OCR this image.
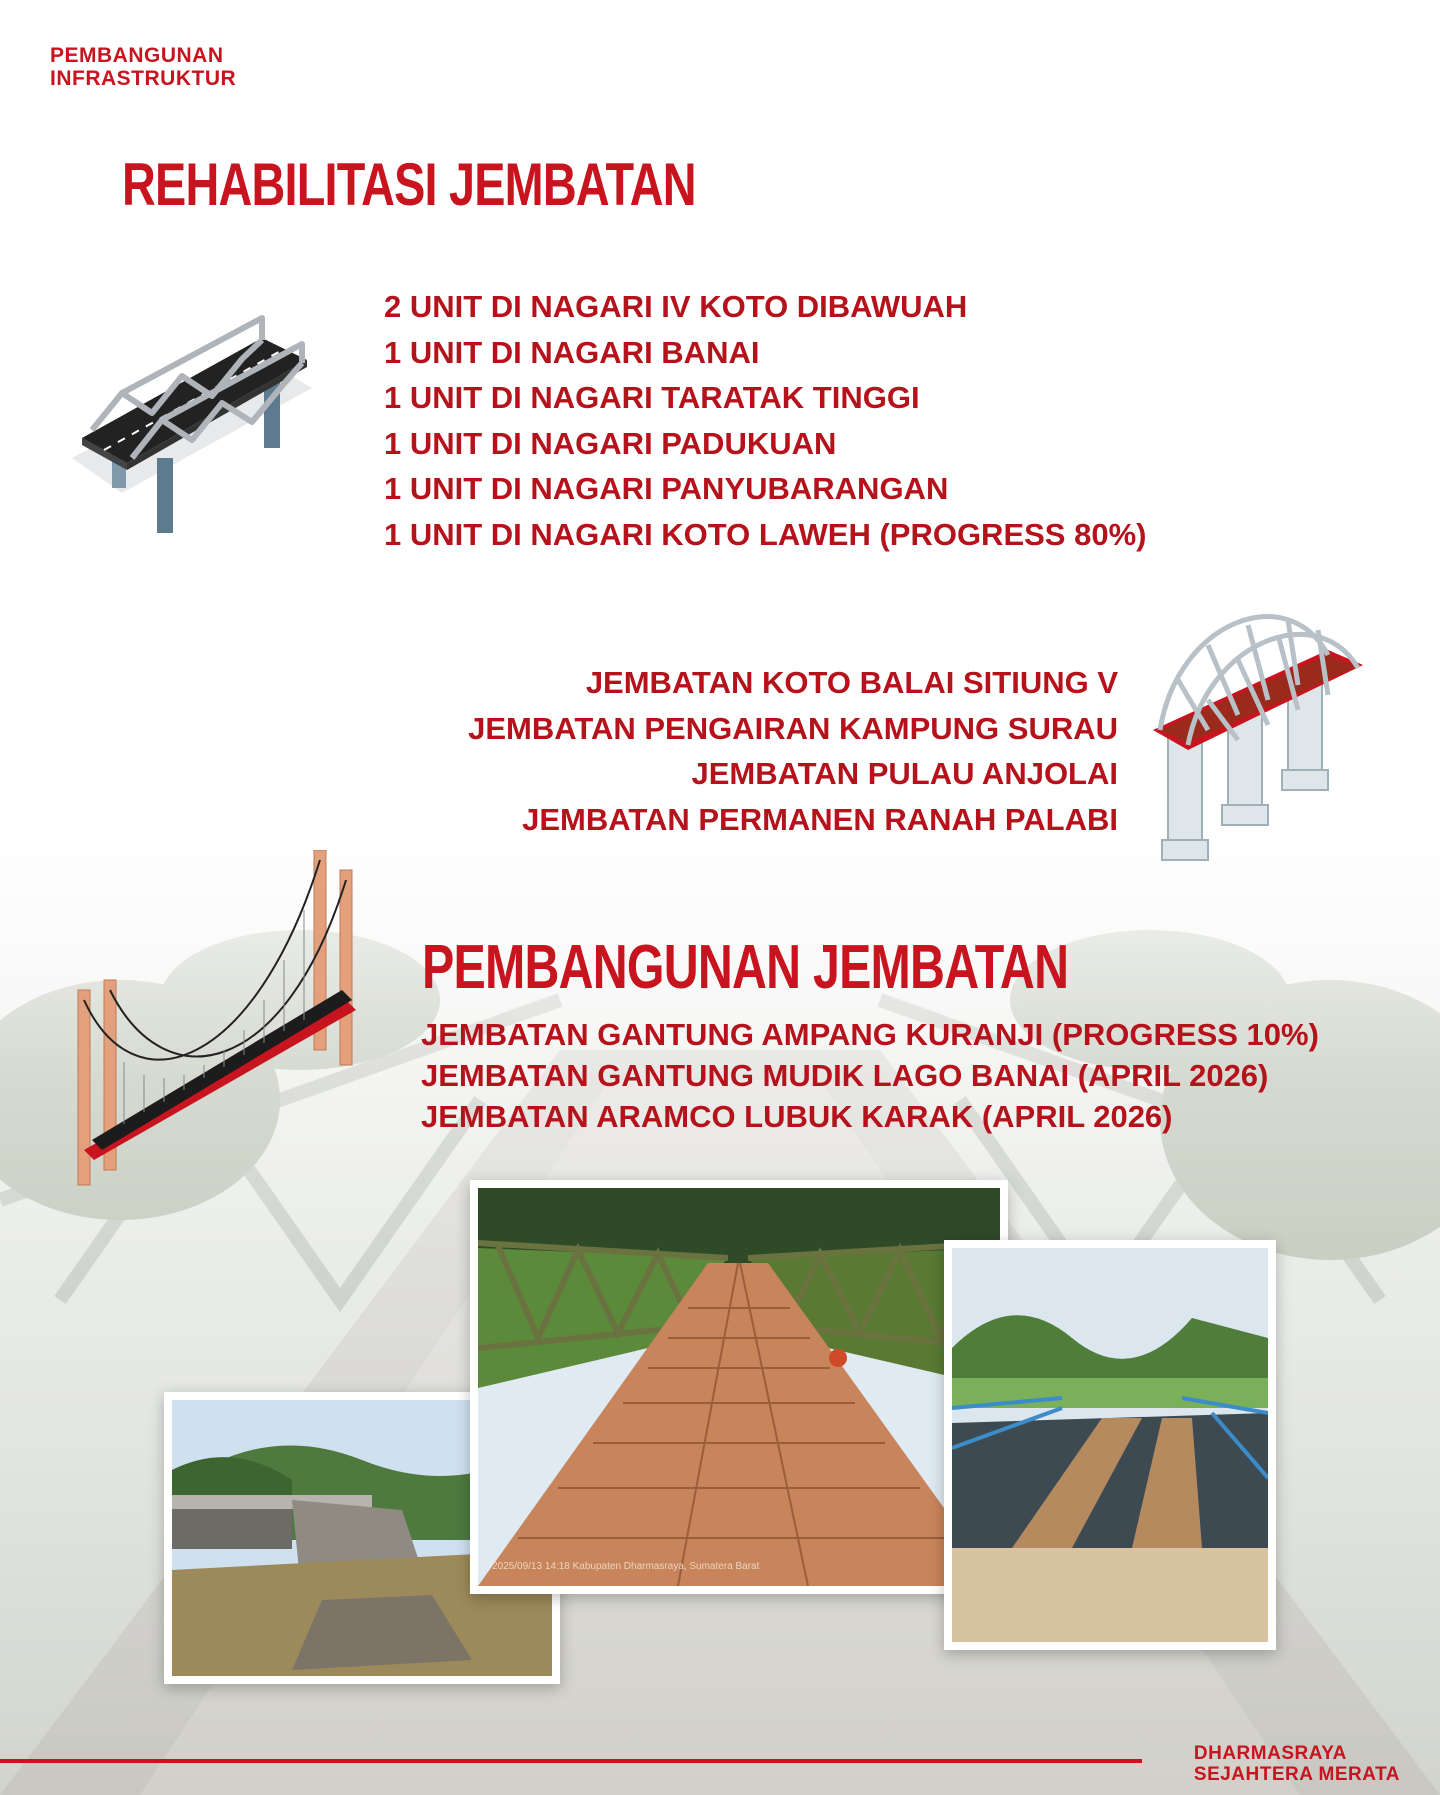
PEMBANGUNAN
INFRASTRUKTUR
REHABILITASI JEMBATAN
2 UNIT DI NAGARI IV KOTO DIBAWUAH
1 UNIT DI NAGARI BANAI
1 UNIT DI NAGARI TARATAK TINGGI
1 UNIT DI NAGARI PADUKUAN
1 UNIT DI NAGARI PANYUBARANGAN
1 UNIT DI NAGARI KOTO LAWEH (PROGRESS 80%)
JEMBATAN KOTO BALAI SITIUNG V
JEMBATAN PENGAIRAN KAMPUNG SURAU
JEMBATAN PULAU ANJOLAI
JEMBATAN PERMANEN RANAH PALABI
PEMBANGUNAN JEMBATAN
JEMBATAN GANTUNG AMPANG KURANJI (PROGRESS 10%)
JEMBATAN GANTUNG MUDIK LAGO BANAI (APRIL 2026)
JEMBATAN ARAMCO LUBUK KARAK (APRIL 2026)
2025/09/13 14:18 Kabupaten Dharmasraya, Sumatera Barat
DHARMASRAYA
SEJAHTERA MERATA
